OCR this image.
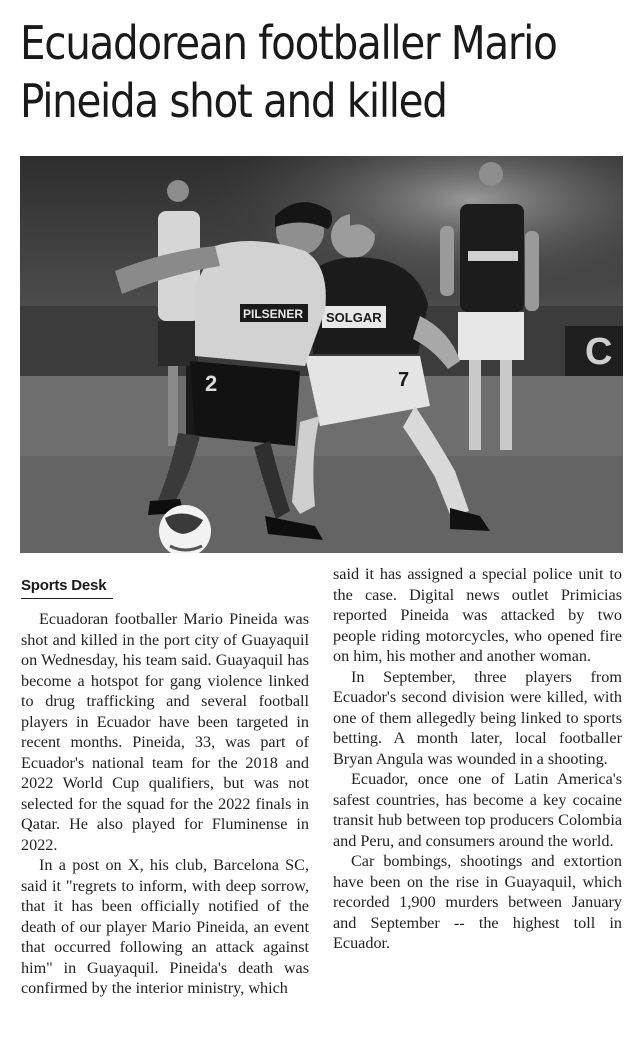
Ecuadorean footballer Mario Pineida shot and killed
C
SOLGAR
7
PILSENER
2
Sports Desk

Ecuadoran footballer Mario Pineida was shot and killed in the port city of Guayaquil on Wednesday, his team said. Guayaquil has become a hotspot for gang violence linked to drug trafficking and several football players in Ecuador have been targeted in recent months. Pineida, 33, was part of Ecuador's national team for the 2018 and 2022 World Cup qualifiers, but was not selected for the squad for the 2022 finals in Qatar. He also played for Fluminense in 2022.

In a post on X, his club, Barcelona SC, said it "regrets to inform, with deep sorrow, that it has been officially notified of the death of our player Mario Pineida, an event that occurred following an attack against him" in Guayaquil. Pineida's death was confirmed by the interior ministry, which

said it has assigned a special police unit to the case. Digital news outlet Primicias reported Pineida was attacked by two people riding motorcycles, who opened fire on him, his mother and another woman.

In September, three players from Ecuador's second division were killed, with one of them allegedly being linked to sports betting. A month later, local footballer Bryan Angula was wounded in a shooting.

Ecuador, once one of Latin America's safest countries, has become a key cocaine transit hub between top producers Colombia and Peru, and consumers around the world.

Car bombings, shootings and extortion have been on the rise in Guayaquil, which recorded 1,900 murders between January and September -- the highest toll in Ecuador.
